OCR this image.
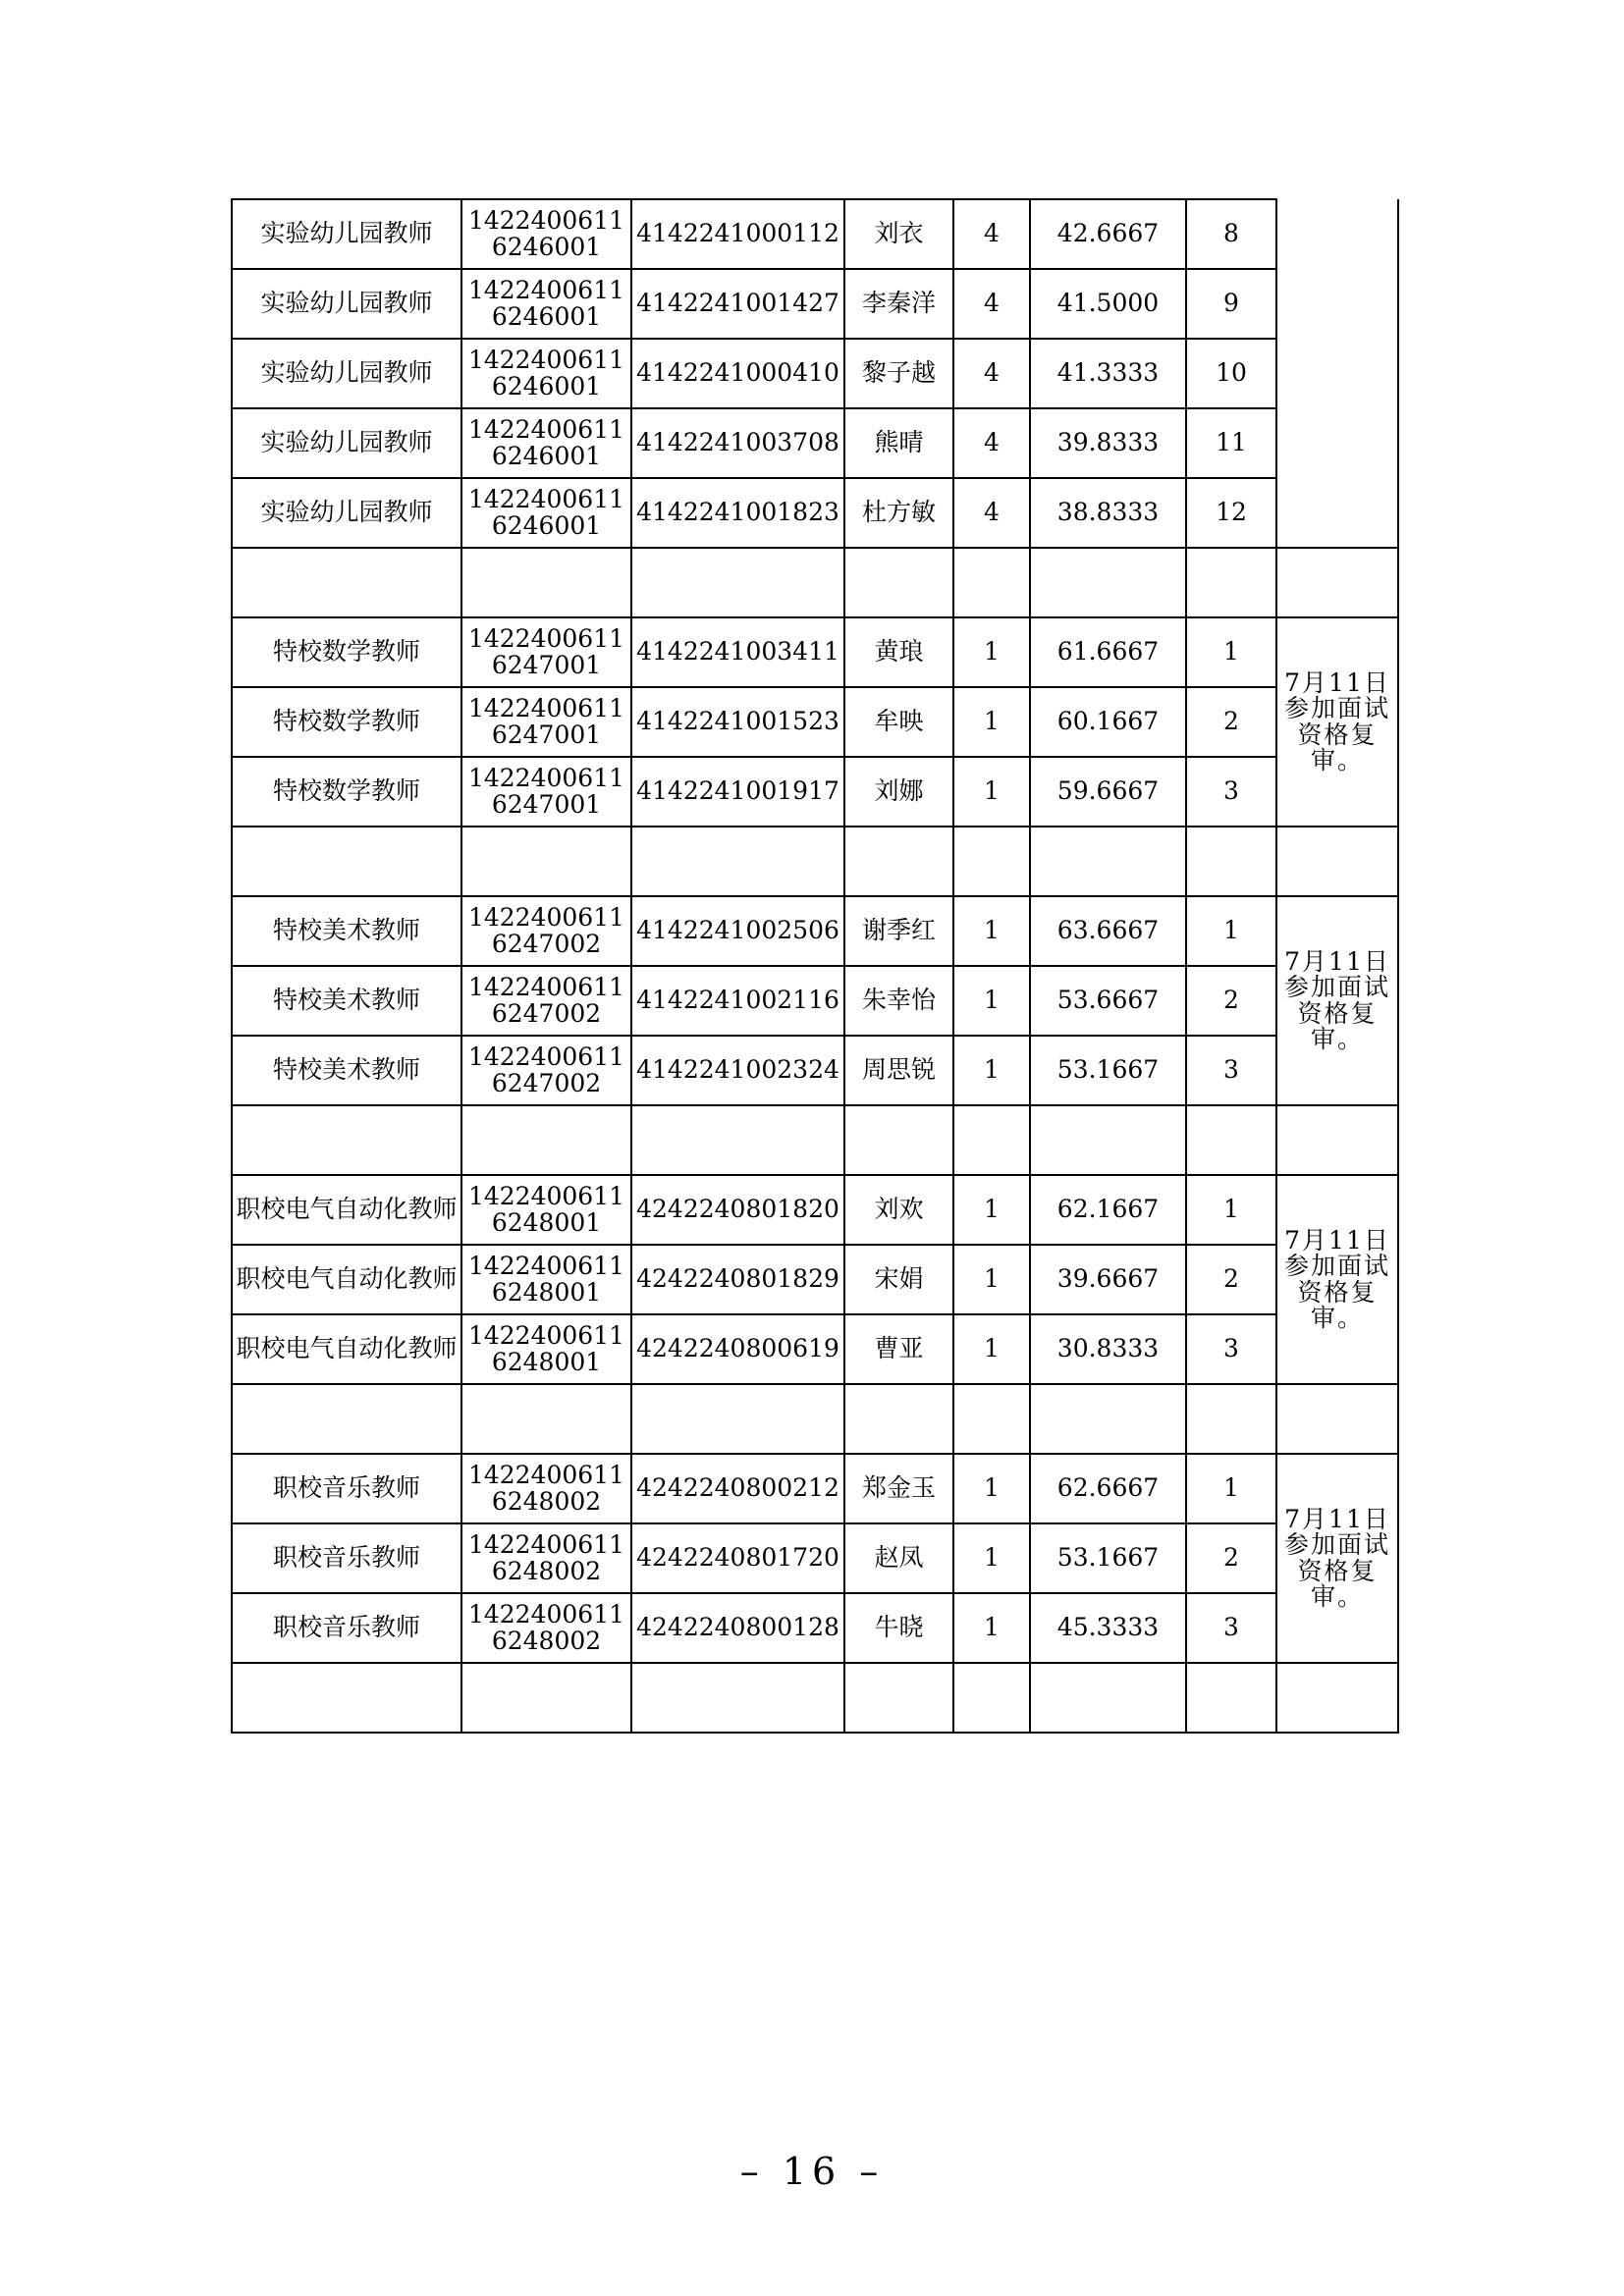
实验幼儿园教师	14224006116246001	4142241000112	刘衣	4	42.6667	8	
实验幼儿园教师	14224006116246001	4142241001427	李秦洋	4	41.5000	9	
实验幼儿园教师	14224006116246001	4142241000410	黎子越	4	41.3333	10	
实验幼儿园教师	14224006116246001	4142241003708	熊晴	4	39.8333	11	
实验幼儿园教师	14224006116246001	4142241001823	杜方敏	4	38.8333	12	

特校数学教师	14224006116247001	4142241003411	黄琅	1	61.6667	1	7月11日参加面试资格复审。
特校数学教师	14224006116247001	4142241001523	牟映	1	60.1667	2	
特校数学教师	14224006116247001	4142241001917	刘娜	1	59.6667	3	

特校美术教师	14224006116247002	4142241002506	谢季红	1	63.6667	1	7月11日参加面试资格复审。
特校美术教师	14224006116247002	4142241002116	朱幸怡	1	53.6667	2	
特校美术教师	14224006116247002	4142241002324	周思锐	1	53.1667	3	

职校电气自动化教师	14224006116248001	4242240801820	刘欢	1	62.1667	1	7月11日参加面试资格复审。
职校电气自动化教师	14224006116248001	4242240801829	宋娟	1	39.6667	2	
职校电气自动化教师	14224006116248001	4242240800619	曹亚	1	30.8333	3	

职校音乐教师	14224006116248002	4242240800212	郑金玉	1	62.6667	1	7月11日参加面试资格复审。
职校音乐教师	14224006116248002	4242240801720	赵凤	1	53.1667	2	
职校音乐教师	14224006116248002	4242240800128	牛晓	1	45.3333	3	

– 16 –
